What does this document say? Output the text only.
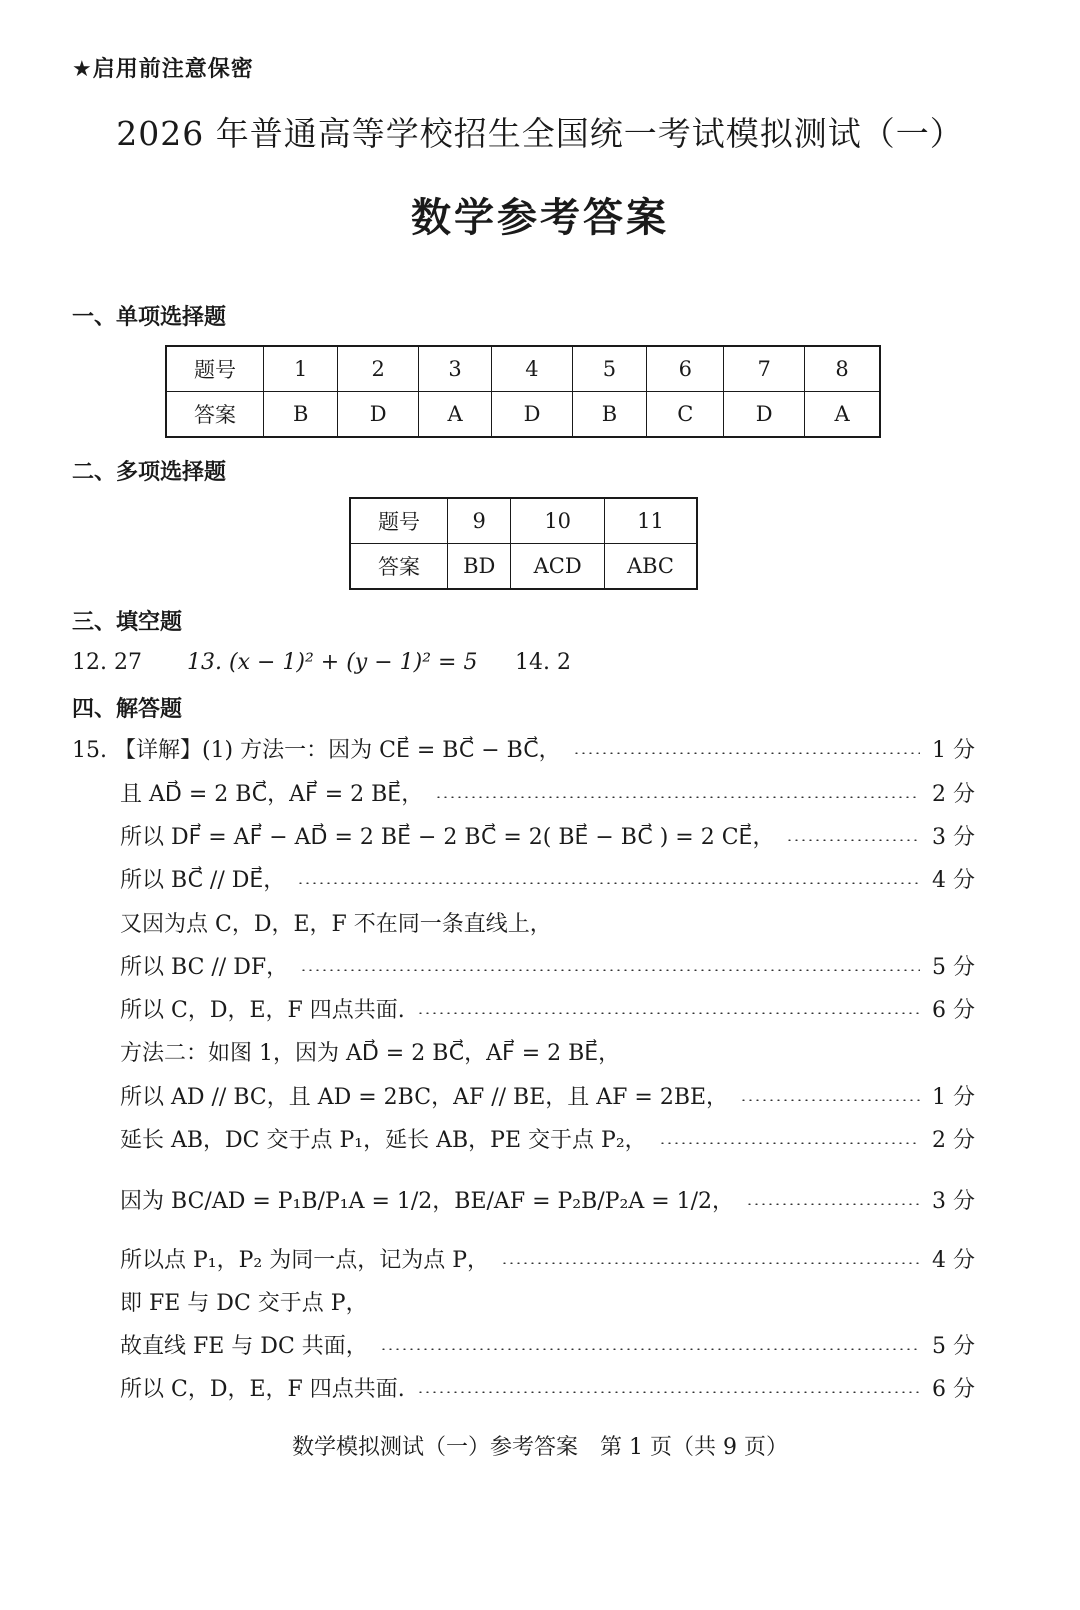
★启用前注意保密
2026 年普通高等学校招生全国统一考试模拟测试（一）
数学参考答案
一、单项选择题
题号	1	2	3	4	5	6	7	8
答案	B	D	A	D	B	C	D	A
二、多项选择题
题号	9	10	11
答案	BD	ACD	ABC
三、填空题
12. 27 13. (x − 1)² + (y − 1)² = 5 14. 2
四、解答题
15. 【详解】(1) 方法一：因为 CE⃗ = BC⃗ − BC⃗，	1 分
且 AD⃗ = 2 BC⃗，AF⃗ = 2 BE⃗，	2 分
所以 DF⃗ = AF⃗ − AD⃗ = 2 BE⃗ − 2 BC⃗ = 2( BE⃗ − BC⃗ ) = 2 CE⃗，	3 分
所以 BC⃗ // DE⃗，	4 分
又因为点 C，D，E，F 不在同一条直线上，
所以 BC // DF，	5 分
所以 C，D，E，F 四点共面.	6 分
方法二：如图 1，因为 AD⃗ = 2 BC⃗，AF⃗ = 2 BE⃗，
所以 AD // BC，且 AD = 2BC，AF // BE，且 AF = 2BE，	1 分
延长 AB，DC 交于点 P₁，延长 AB，PE 交于点 P₂，	2 分
因为 BC/AD = P₁B/P₁A = 1/2，BE/AF = P₂B/P₂A = 1/2，	3 分
所以点 P₁，P₂ 为同一点，记为点 P，	4 分
即 FE 与 DC 交于点 P，
故直线 FE 与 DC 共面，	5 分
所以 C，D，E，F 四点共面.	6 分
数学模拟测试（一）参考答案　第 1 页（共 9 页）
